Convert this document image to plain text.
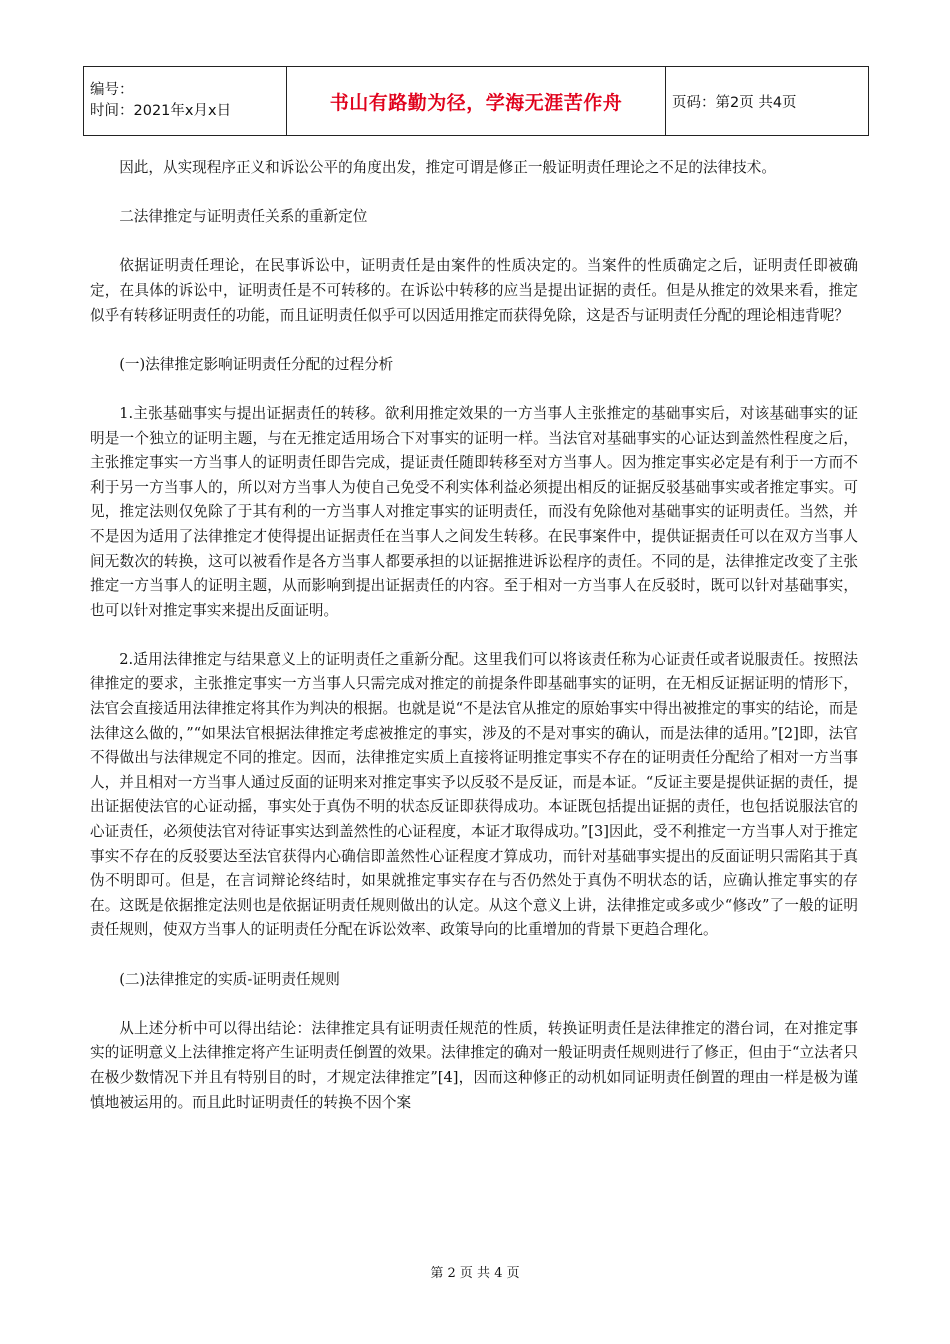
编号：
时间：2021年x月x日	书山有路勤为径，学海无涯苦作舟	页码：第2页 共4页

因此，从实现程序正义和诉讼公平的角度出发，推定可谓是修正一般证明责任理论之不足的法律技术。

二法律推定与证明责任关系的重新定位

依据证明责任理论，在民事诉讼中，证明责任是由案件的性质决定的。当案件的性质确定之后，证明责任即被确定，在具体的诉讼中，证明责任是不可转移的。在诉讼中转移的应当是提出证据的责任。但是从推定的效果来看，推定似乎有转移证明责任的功能，而且证明责任似乎可以因适用推定而获得免除，这是否与证明责任分配的理论相违背呢？

(一)法律推定影响证明责任分配的过程分析

1.主张基础事实与提出证据责任的转移。欲利用推定效果的一方当事人主张推定的基础事实后，对该基础事实的证明是一个独立的证明主题，与在无推定适用场合下对事实的证明一样。当法官对基础事实的心证达到盖然性程度之后，主张推定事实一方当事人的证明责任即告完成，提证责任随即转移至对方当事人。因为推定事实必定是有利于一方而不利于另一方当事人的，所以对方当事人为使自己免受不利实体利益必须提出相反的证据反驳基础事实或者推定事实。可见，推定法则仅免除了于其有利的一方当事人对推定事实的证明责任，而没有免除他对基础事实的证明责任。当然，并不是因为适用了法律推定才使得提出证据责任在当事人之间发生转移。在民事案件中，提供证据责任可以在双方当事人间无数次的转换，这可以被看作是各方当事人都要承担的以证据推进诉讼程序的责任。不同的是，法律推定改变了主张推定一方当事人的证明主题，从而影响到提出证据责任的内容。至于相对一方当事人在反驳时，既可以针对基础事实，也可以针对推定事实来提出反面证明。

2.适用法律推定与结果意义上的证明责任之重新分配。这里我们可以将该责任称为心证责任或者说服责任。按照法律推定的要求，主张推定事实一方当事人只需完成对推定的前提条件即基础事实的证明，在无相反证据证明的情形下，法官会直接适用法律推定将其作为判决的根据。也就是说“不是法官从推定的原始事实中得出被推定的事实的结论，而是法律这么做的，”“如果法官根据法律推定考虑被推定的事实，涉及的不是对事实的确认，而是法律的适用。”[2]即，法官不得做出与法律规定不同的推定。因而，法律推定实质上直接将证明推定事实不存在的证明责任分配给了相对一方当事人，并且相对一方当事人通过反面的证明来对推定事实予以反驳不是反证，而是本证。“反证主要是提供证据的责任，提出证据使法官的心证动摇，事实处于真伪不明的状态反证即获得成功。本证既包括提出证据的责任，也包括说服法官的心证责任，必须使法官对待证事实达到盖然性的心证程度，本证才取得成功。”[3]因此，受不利推定一方当事人对于推定事实不存在的反驳要达至法官获得内心确信即盖然性心证程度才算成功，而针对基础事实提出的反面证明只需陷其于真伪不明即可。但是，在言词辩论终结时，如果就推定事实存在与否仍然处于真伪不明状态的话，应确认推定事实的存在。这既是依据推定法则也是依据证明责任规则做出的认定。从这个意义上讲，法律推定或多或少“修改”了一般的证明责任规则，使双方当事人的证明责任分配在诉讼效率、政策导向的比重增加的背景下更趋合理化。

(二)法律推定的实质-证明责任规则

从上述分析中可以得出结论：法律推定具有证明责任规范的性质，转换证明责任是法律推定的潜台词，在对推定事实的证明意义上法律推定将产生证明责任倒置的效果。法律推定的确对一般证明责任规则进行了修正，但由于“立法者只在极少数情况下并且有特别目的时，才规定法律推定”[4]，因而这种修正的动机如同证明责任倒置的理由一样是极为谨慎地被运用的。而且此时证明责任的转换不因个案

第 2 页 共 4 页
